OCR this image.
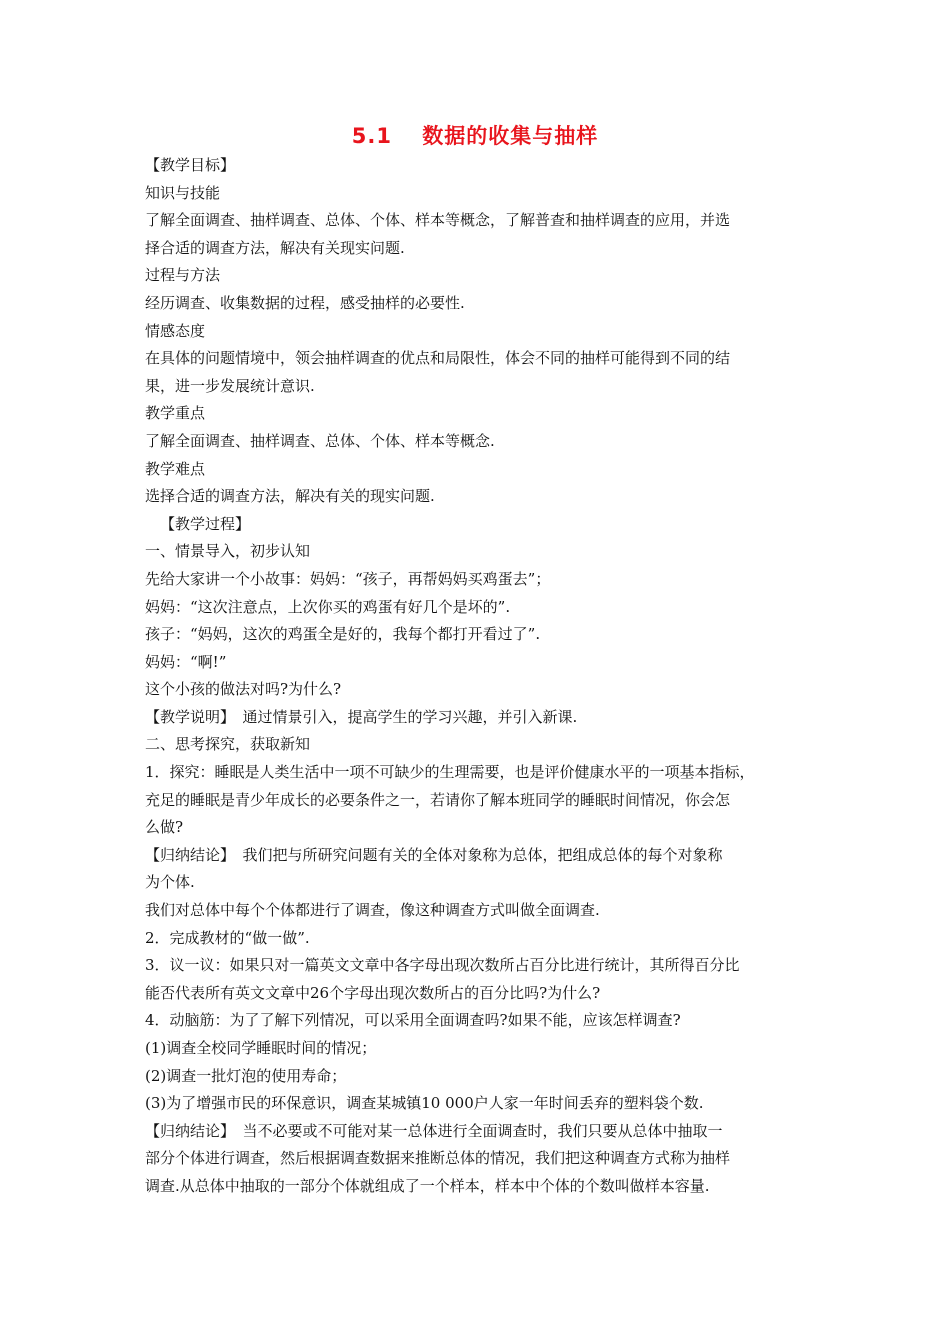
5.1　 数据的收集与抽样

【教学目标】

知识与技能

了解全面调查、抽样调查、总体、个体、样本等概念，了解普查和抽样调查的应用，并选

择合适的调查方法，解决有关现实问题.

过程与方法

经历调查、收集数据的过程，感受抽样的必要性.

情感态度

在具体的问题情境中，领会抽样调查的优点和局限性，体会不同的抽样可能得到不同的结

果，进一步发展统计意识.

教学重点

了解全面调查、抽样调查、总体、个体、样本等概念.

教学难点

选择合适的调查方法，解决有关的现实问题.

【教学过程】

一、情景导入，初步认知

先给大家讲一个小故事：妈妈：“孩子，再帮妈妈买鸡蛋去”；

妈妈：“这次注意点，上次你买的鸡蛋有好几个是坏的”.

孩子：“妈妈，这次的鸡蛋全是好的，我每个都打开看过了”.

妈妈：“啊!”

这个小孩的做法对吗?为什么?

【教学说明】　通过情景引入，提高学生的学习兴趣，并引入新课.

二、思考探究，获取新知

1．探究：睡眠是人类生活中一项不可缺少的生理需要，也是评价健康水平的一项基本指标，

充足的睡眠是青少年成长的必要条件之一，若请你了解本班同学的睡眠时间情况，你会怎

么做?

【归纳结论】　我们把与所研究问题有关的全体对象称为总体，把组成总体的每个对象称

为个体.

我们对总体中每个个体都进行了调查，像这种调查方式叫做全面调查.

2．完成教材的“做一做”.

3．议一议：如果只对一篇英文文章中各字母出现次数所占百分比进行统计，其所得百分比

能否代表所有英文文章中26个字母出现次数所占的百分比吗?为什么?

4．动脑筋：为了了解下列情况，可以采用全面调查吗?如果不能，应该怎样调查?

(1)调查全校同学睡眠时间的情况；

(2)调查一批灯泡的使用寿命；

(3)为了增强市民的环保意识，调查某城镇10 000户人家一年时间丢弃的塑料袋个数.

【归纳结论】　当不必要或不可能对某一总体进行全面调查时，我们只要从总体中抽取一

部分个体进行调查，然后根据调查数据来推断总体的情况，我们把这种调查方式称为抽样

调查.从总体中抽取的一部分个体就组成了一个样本，样本中个体的个数叫做样本容量.
